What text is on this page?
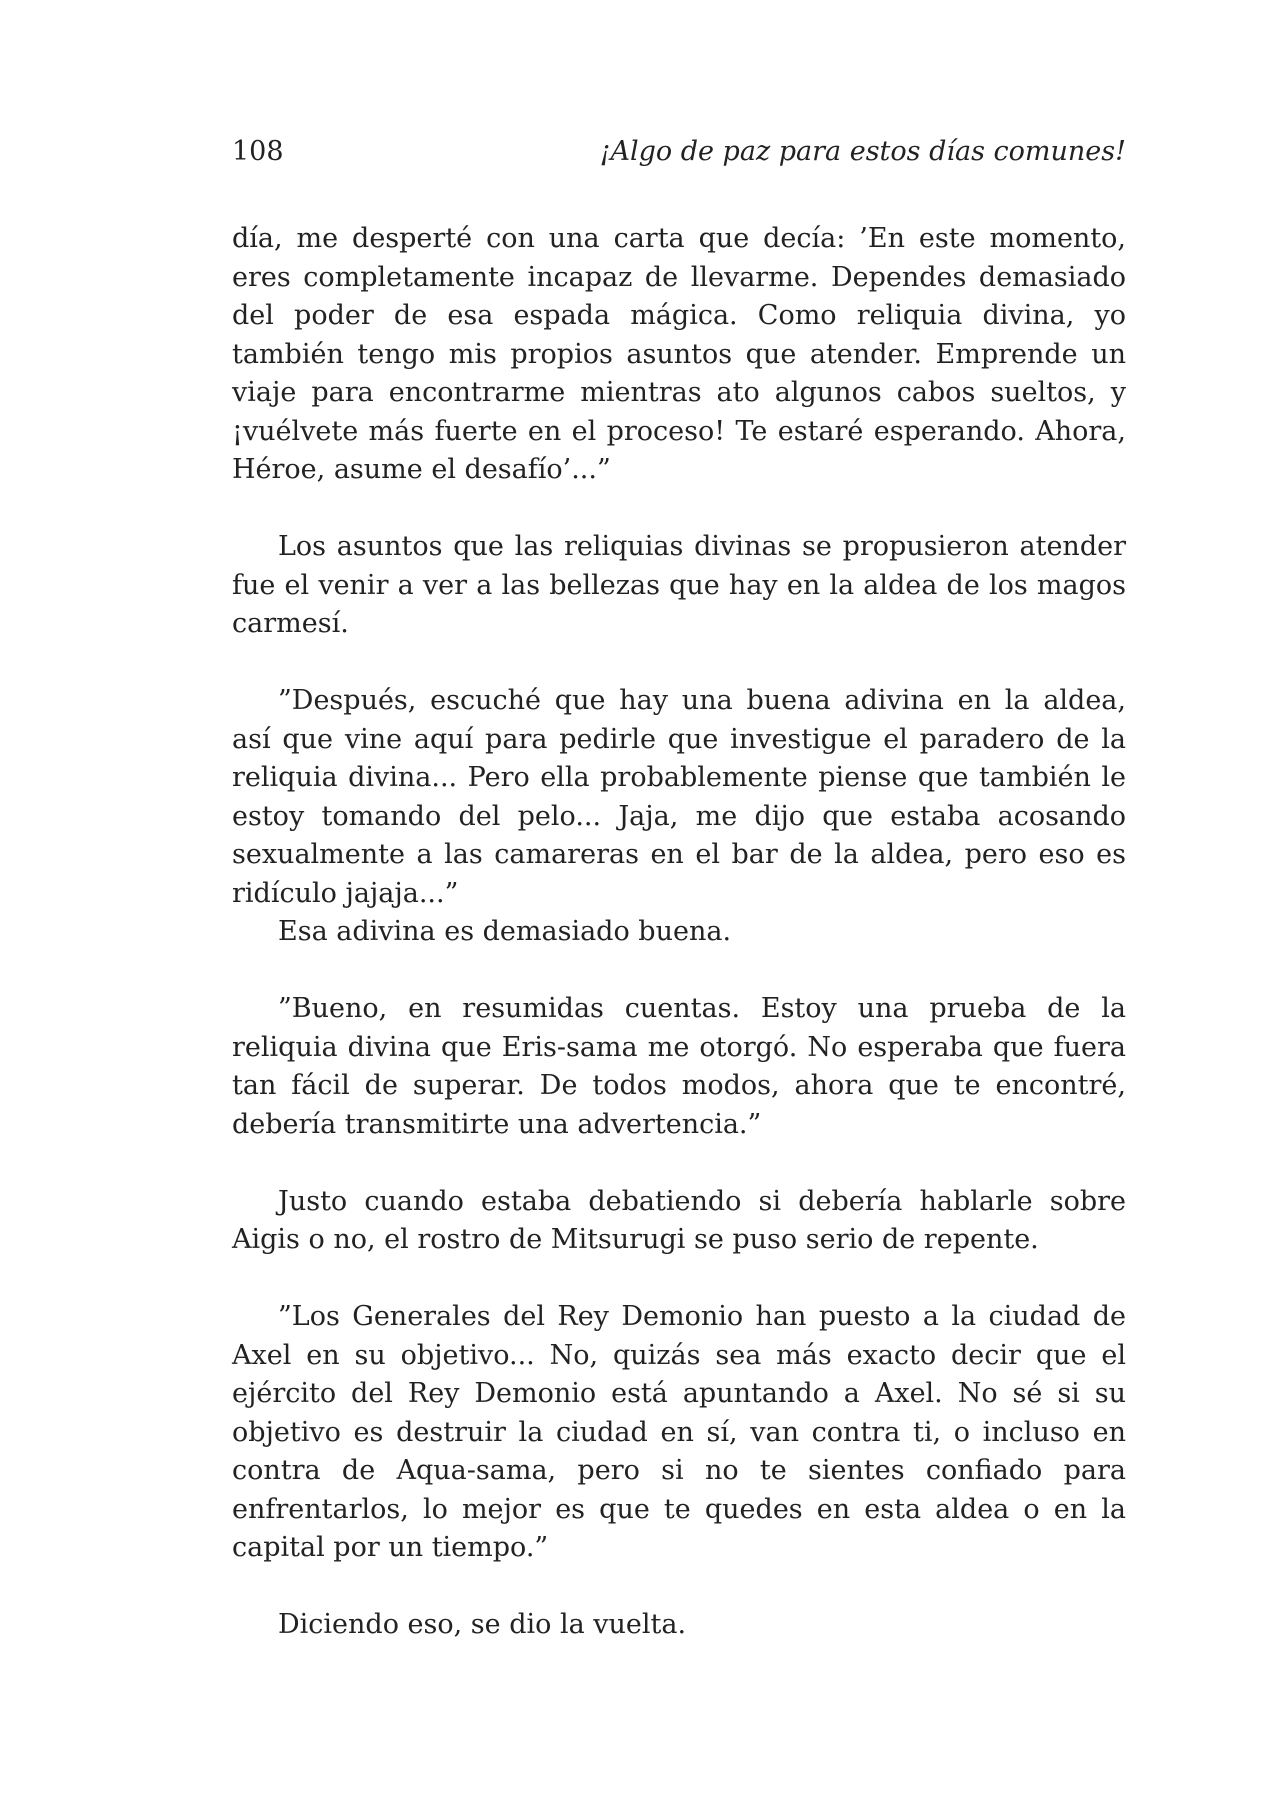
108	¡Algo de paz para estos días comunes!

día, me desperté con una carta que decía: ’En este momento, eres completamente incapaz de llevarme. Dependes demasiado del poder de esa espada mágica. Como reliquia divina, yo también tengo mis propios asuntos que atender. Emprende un viaje para encontrarme mientras ato algunos cabos sueltos, y ¡vuélvete más fuerte en el proceso! Te estaré esperando. Ahora, Héroe, asume el desafío’...”

Los asuntos que las reliquias divinas se propusieron atender fue el venir a ver a las bellezas que hay en la aldea de los magos carmesí.

”Después, escuché que hay una buena adivina en la aldea, así que vine aquí para pedirle que investigue el paradero de la reliquia divina... Pero ella probablemente piense que también le estoy tomando del pelo... Jaja, me dijo que estaba acosando sexualmente a las camareras en el bar de la aldea, pero eso es ridículo jajaja...”

Esa adivina es demasiado buena.

”Bueno, en resumidas cuentas. Estoy una prueba de la reliquia divina que Eris-sama me otorgó. No esperaba que fuera tan fácil de superar. De todos modos, ahora que te encontré, debería transmitirte una advertencia.”

Justo cuando estaba debatiendo si debería hablarle sobre Aigis o no, el rostro de Mitsurugi se puso serio de repente.

”Los Generales del Rey Demonio han puesto a la ciudad de Axel en su objetivo... No, quizás sea más exacto decir que el ejército del Rey Demonio está apuntando a Axel. No sé si su objetivo es destruir la ciudad en sí, van contra ti, o incluso en contra de Aqua-sama, pero si no te sientes confiado para enfrentarlos, lo mejor es que te quedes en esta aldea o en la capital por un tiempo.”

Diciendo eso, se dio la vuelta.
